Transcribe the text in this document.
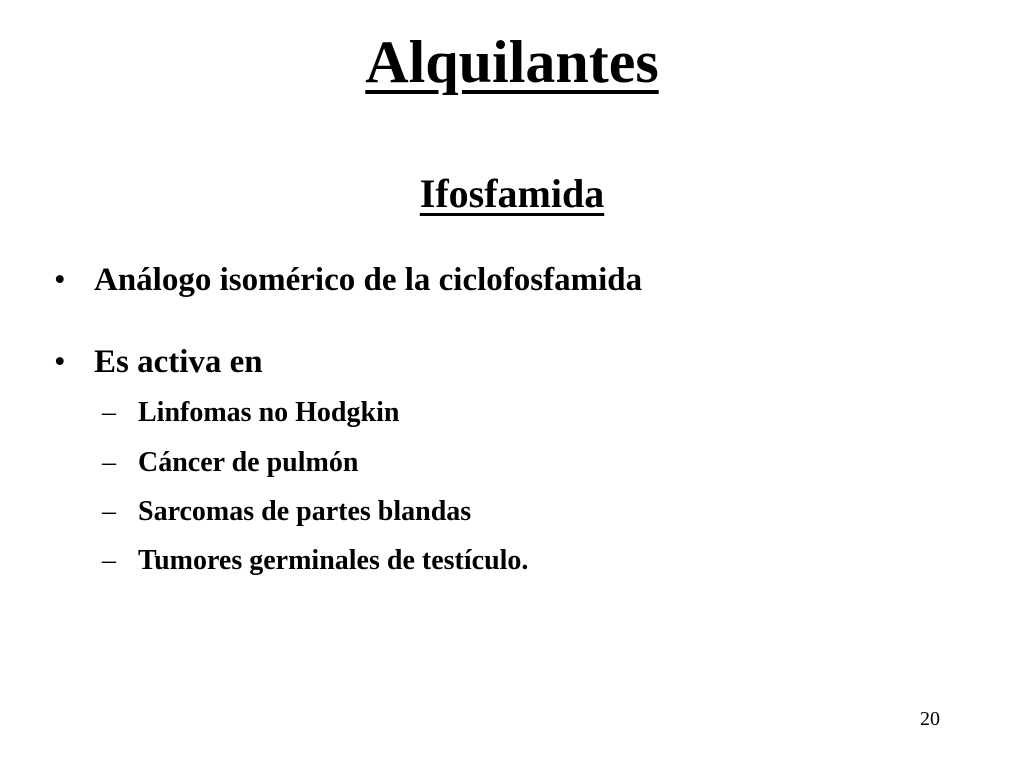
Alquilantes
Ifosfamida
• Análogo isomérico de la ciclofosfamida
• Es activa en
– Linfomas no Hodgkin
– Cáncer de pulmón
– Sarcomas de partes blandas
– Tumores germinales de testículo.
20
